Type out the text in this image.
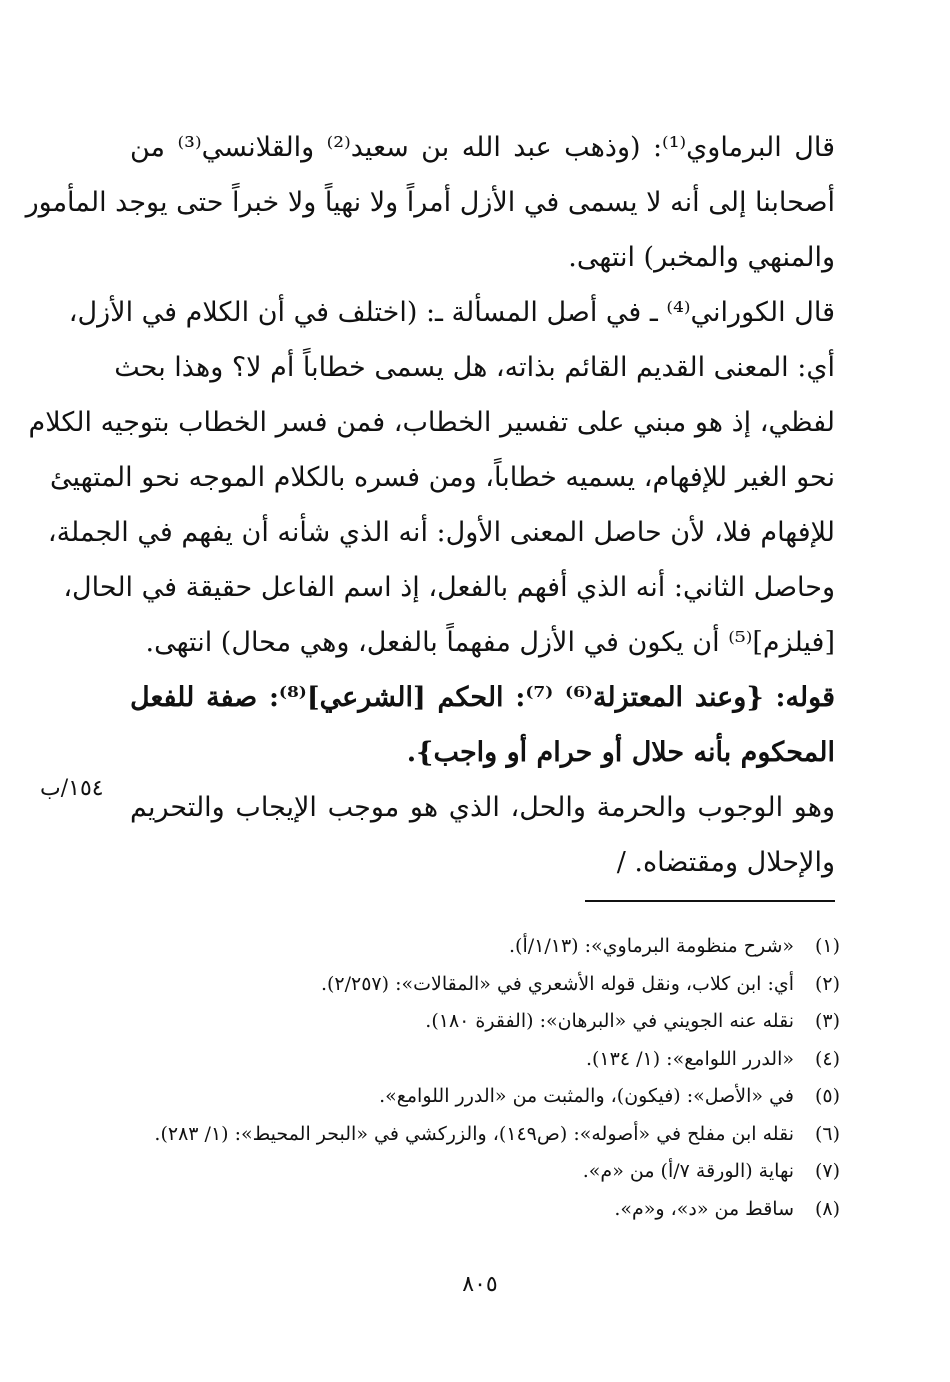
قال البرماوي⁽¹⁾: (وذهب عبد الله بن سعيد⁽²⁾ والقلانسي⁽³⁾ من
أصحابنا إلى أنه لا يسمى في الأزل أمراً ولا نهياً ولا خبراً حتى يوجد المأمور
والمنهي والمخبر) انتهى.
قال الكوراني⁽⁴⁾ ـ في أصل المسألة ـ: (اختلف في أن الكلام في الأزل،
أي: المعنى القديم القائم بذاته، هل يسمى خطاباً أم لا؟ وهذا بحث
لفظي، إذ هو مبني على تفسير الخطاب، فمن فسر الخطاب بتوجيه الكلام
نحو الغير للإفهام، يسميه خطاباً، ومن فسره بالكلام الموجه نحو المتهيئ
للإفهام فلا، لأن حاصل المعنى الأول: أنه الذي شأنه أن يفهم في الجملة،
وحاصل الثاني: أنه الذي أفهم بالفعل، إذ اسم الفاعل حقيقة في الحال،
[فيلزم]⁽⁵⁾ أن يكون في الأزل مفهماً بالفعل، وهي محال) انتهى.
قوله: {وعند المعتزلة⁽⁶⁾ ⁽⁷⁾: الحكم [الشرعي]⁽⁸⁾: صفة للفعل
المحكوم بأنه حلال أو حرام أو واجب}.
وهو الوجوب والحرمة والحل، الذي هو موجب الإيجاب والتحريم
والإحلال ومقتضاه. /
١٥٤/ب
(١)
«شرح منظومة البرماوي»: (١/١٣/أ).
(٢)
أي: ابن كلاب، ونقل قوله الأشعري في «المقالات»: (٢/٢٥٧).
(٣)
نقله عنه الجويني في «البرهان»: (الفقرة ١٨٠).
(٤)
«الدرر اللوامع»: (١/ ١٣٤).
(٥)
في «الأصل»: (فيكون)، والمثبت من «الدرر اللوامع».
(٦)
نقله ابن مفلح في «أصوله»: (ص١٤٩)، والزركشي في «البحر المحيط»: (١/ ٢٨٣).
(٧)
نهاية (الورقة ٧/أ) من «م».
(٨)
ساقط من «د»، و«م».
٨٠٥
